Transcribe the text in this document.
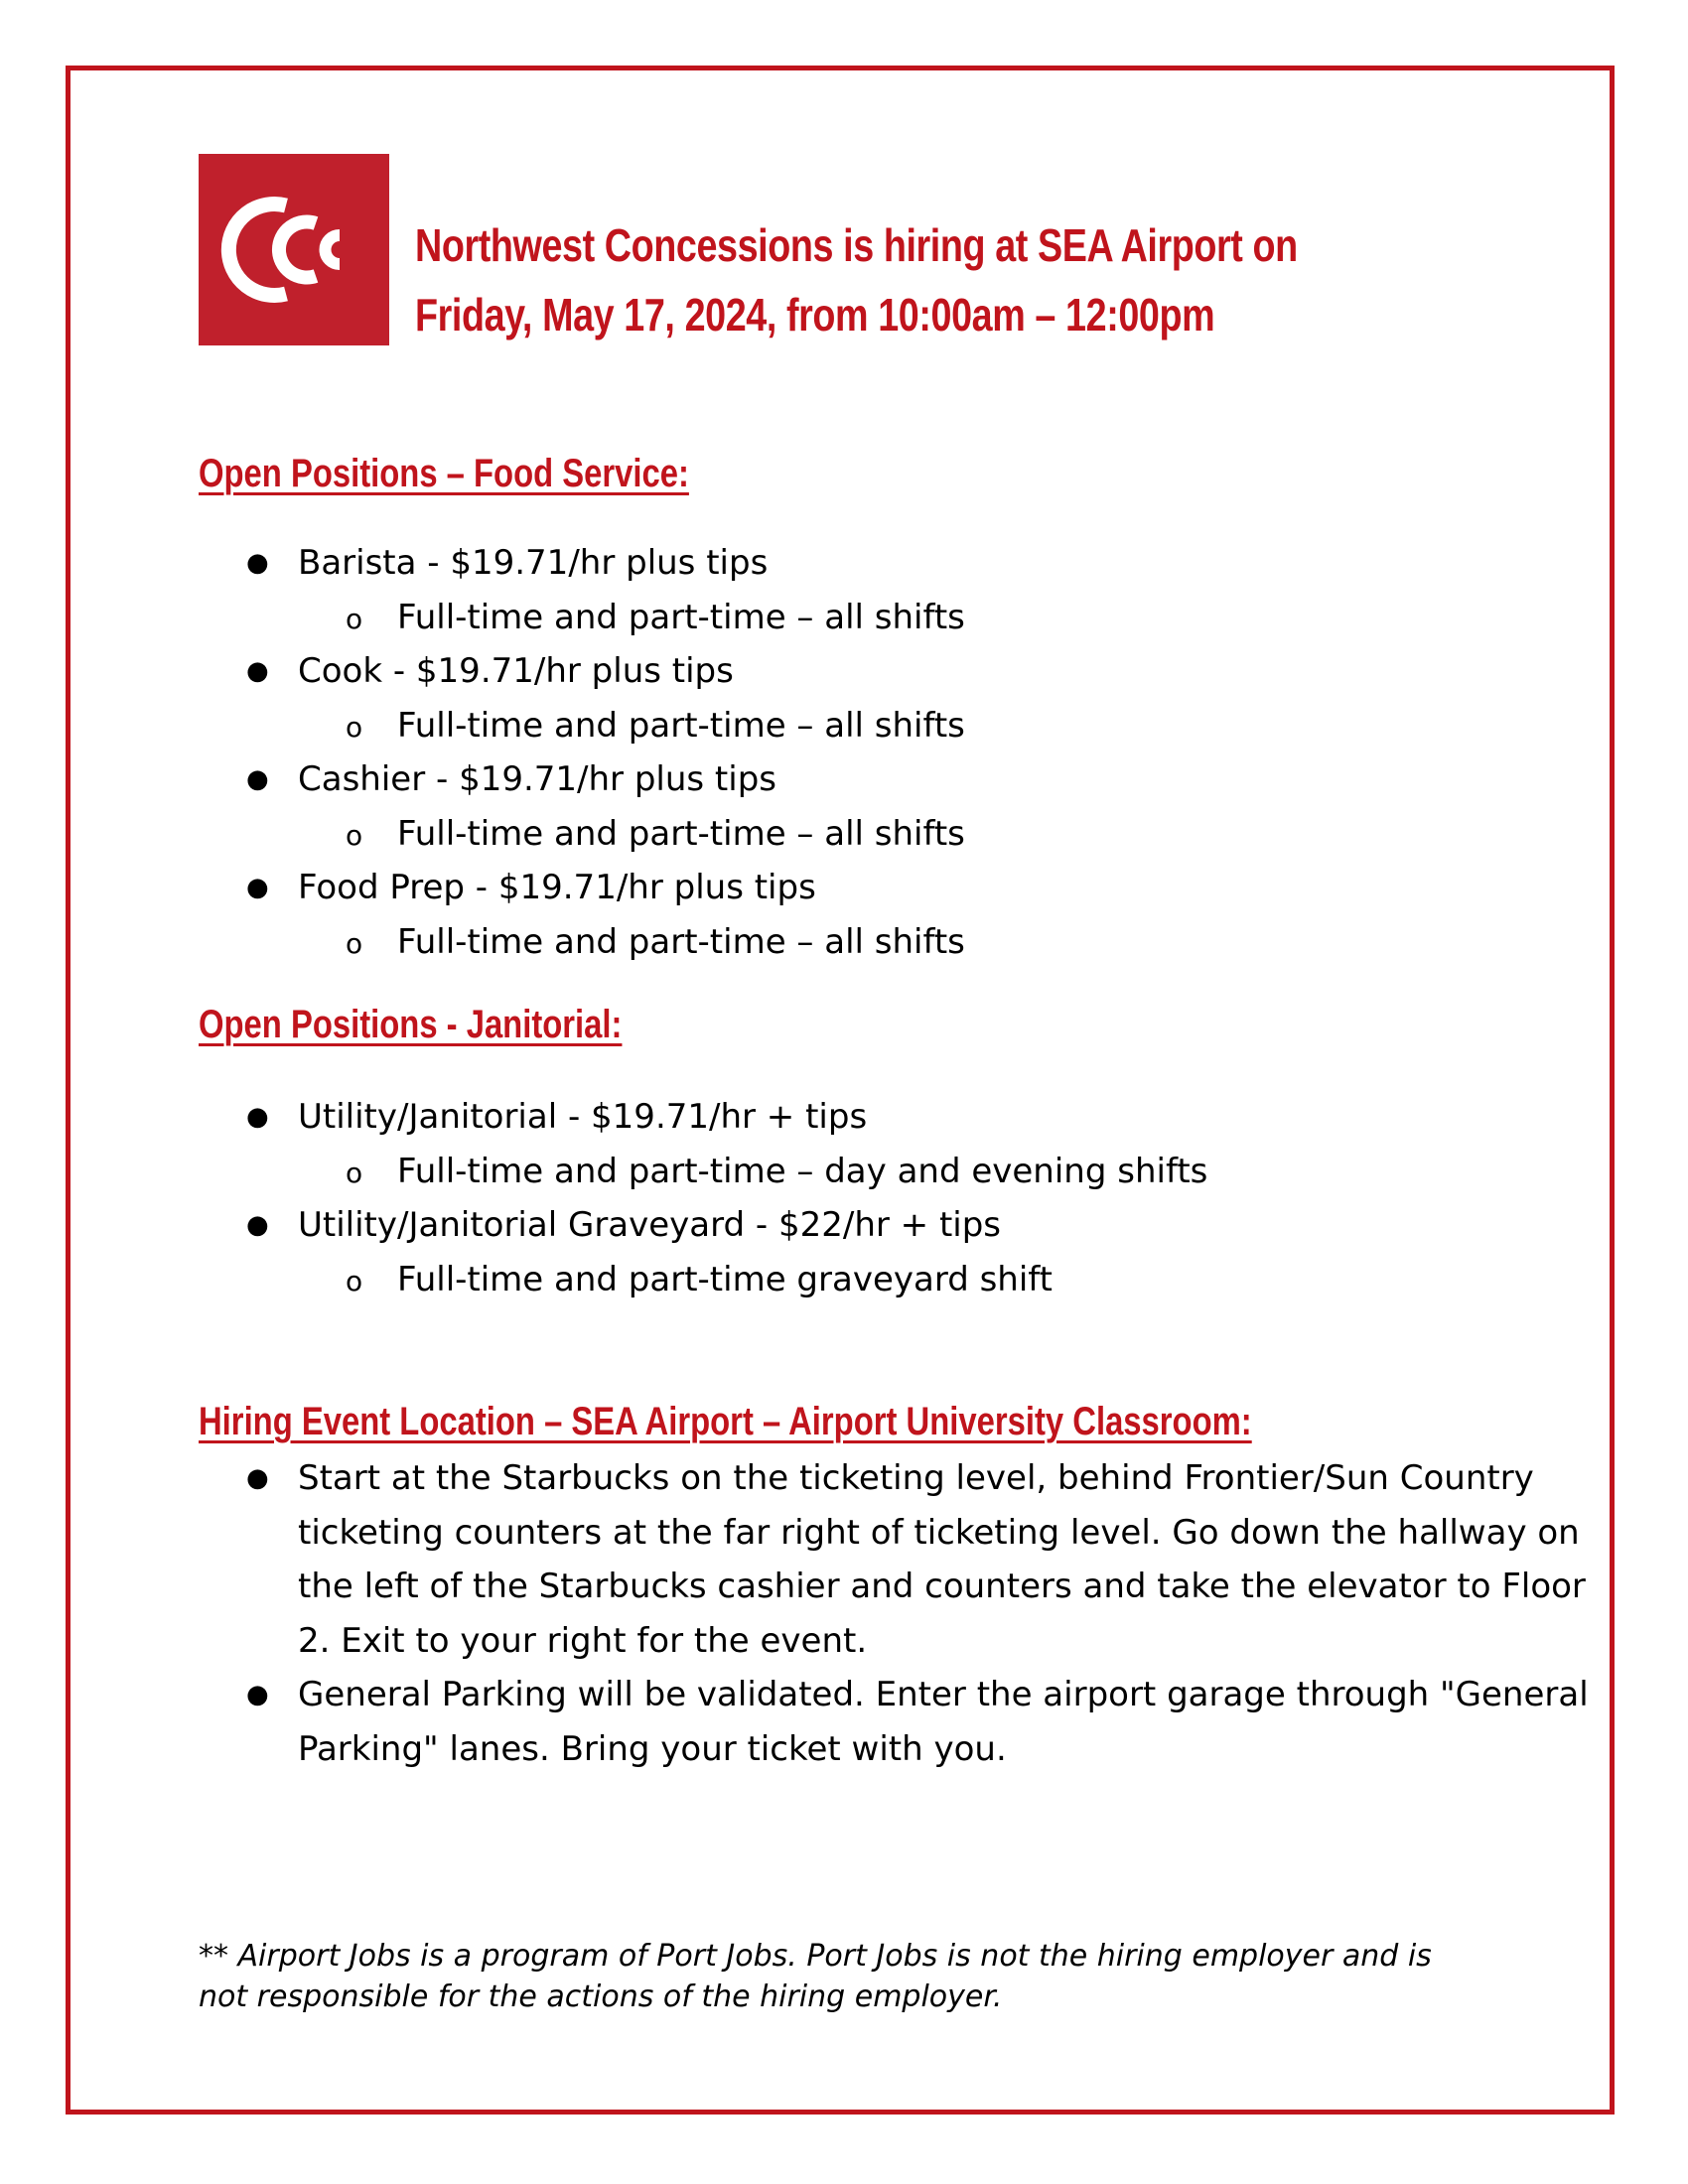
Northwest Concessions is hiring at SEA Airport on
Friday, May 17, 2024, from 10:00am – 12:00pm
Open Positions – Food Service:
● Barista - $19.71/hr plus tips
o Full-time and part-time – all shifts
● Cook - $19.71/hr plus tips
o Full-time and part-time – all shifts
● Cashier - $19.71/hr plus tips
o Full-time and part-time – all shifts
● Food Prep - $19.71/hr plus tips
o Full-time and part-time – all shifts
Open Positions - Janitorial:
● Utility/Janitorial - $19.71/hr + tips
o Full-time and part-time – day and evening shifts
● Utility/Janitorial Graveyard - $22/hr + tips
o Full-time and part-time graveyard shift
Hiring Event Location – SEA Airport – Airport University Classroom:
● Start at the Starbucks on the ticketing level, behind Frontier/Sun Country ticketing counters at the far right of ticketing level. Go down the hallway on the left of the Starbucks cashier and counters and take the elevator to Floor 2. Exit to your right for the event.
● General Parking will be validated. Enter the airport garage through "General Parking" lanes. Bring your ticket with you.
** Airport Jobs is a program of Port Jobs. Port Jobs is not the hiring employer and is not responsible for the actions of the hiring employer.
